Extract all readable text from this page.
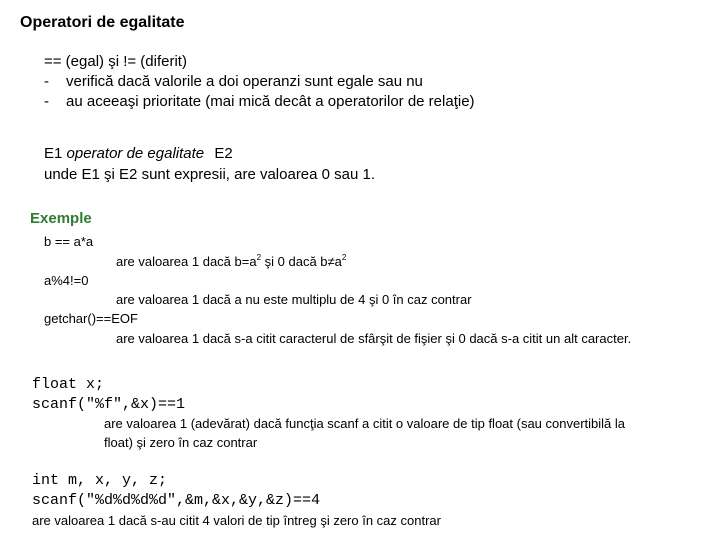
Operatori de egalitate
== (egal) şi != (diferit)
- verifică dacă valorile a doi operanzi sunt egale sau nu
- au aceeaşi prioritate (mai mică decât a operatorilor de relaţie)
E1 operator de egalitate E2
unde E1 şi E2 sunt expresii, are valoarea 0 sau 1.
Exemple
b == a*a
are valoarea 1 dacă $b=a^2$ şi 0 dacă $b\ne a^2$
a%4!=0
are valoarea 1 dacă a nu este multiplu de 4 şi 0 în caz contrar
getchar()==EOF
are valoarea 1 dacă s-a citit caracterul de sfârşit de fişier şi 0 dacă s-a citit un alt caracter.
float x;
scanf("%f",&x)==1
are valoarea 1 (adevărat) dacă funcţia scanf a citit o valoare de tip float (sau convertibilă la
float) şi zero în caz contrar
int m, x, y, z;
scanf("%d%d%d%d",&m,&x,&y,&z)==4
are valoarea 1 dacă s-au citit 4 valori de tip întreg şi zero în caz contrar
